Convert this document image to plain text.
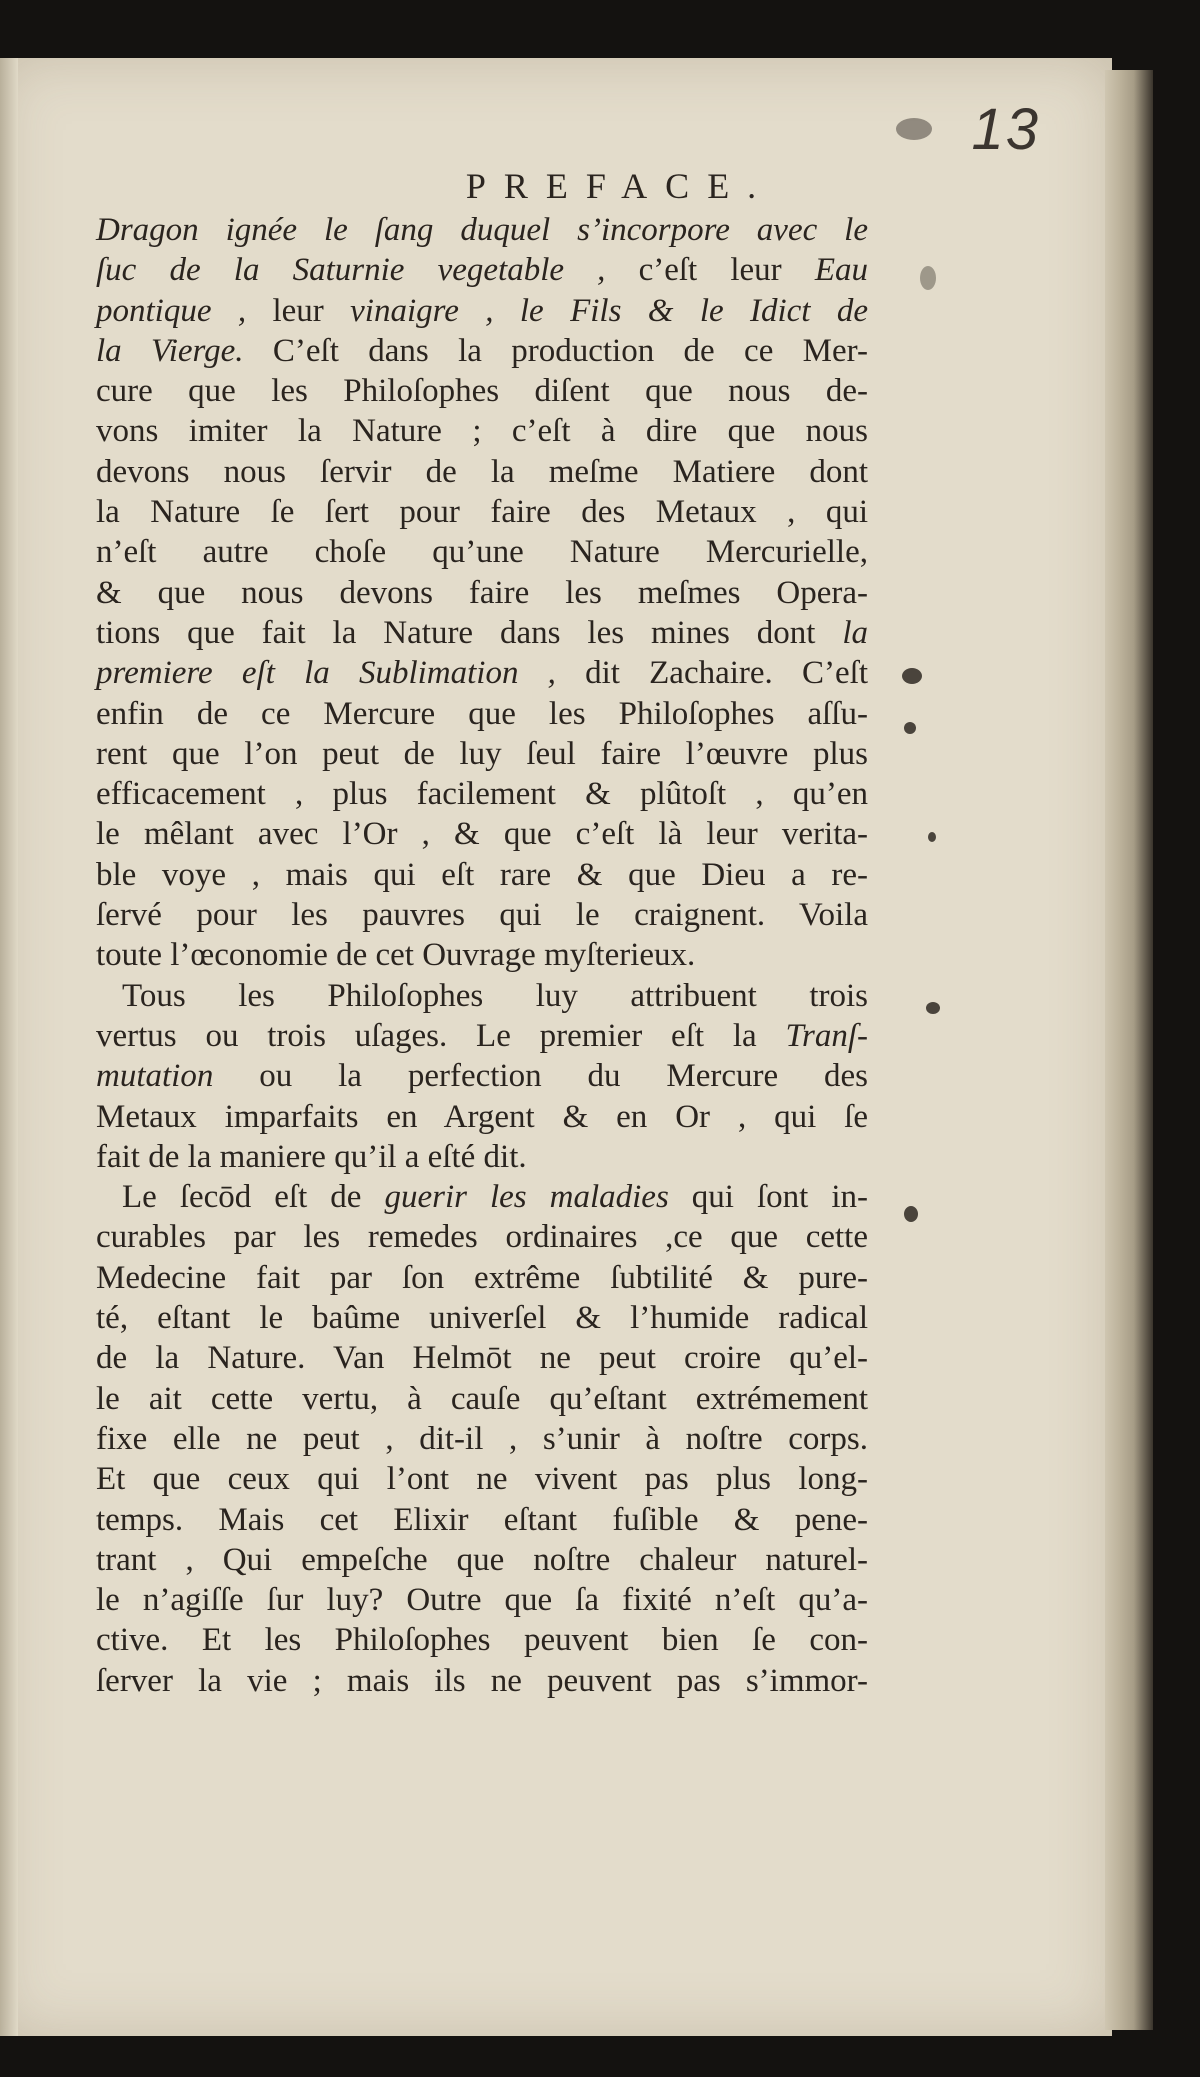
13
PREFACE.
Dragon ignée le ſang duquel s’incorpore avec le
ſuc de la Saturnie vegetable , c’eſt leur Eau
pontique , leur vinaigre , le Fils & le Idict de
la Vierge. C’eſt dans la production de ce Mer-
cure que les Philoſophes diſent que nous de-
vons imiter la Nature ; c’eſt à dire que nous
devons nous ſervir de la meſme Matiere dont
la Nature ſe ſert pour faire des Metaux , qui
n’eſt autre choſe qu’une Nature Mercurielle,
& que nous devons faire les meſmes Opera-
tions que fait la Nature dans les mines dont la
premiere eſt la Sublimation , dit Zachaire. C’eſt
enfin de ce Mercure que les Philoſophes aſſu-
rent que l’on peut de luy ſeul faire l’œuvre plus
efficacement , plus facilement & plûtoſt , qu’en
le mêlant avec l’Or , & que c’eſt là leur verita-
ble voye , mais qui eſt rare & que Dieu a re-
ſervé pour les pauvres qui le craignent. Voila
toute l’œconomie de cet Ouvrage myſterieux.
Tous les Philoſophes luy attribuent trois
vertus ou trois uſages. Le premier eſt la Tranſ-
mutation ou la perfection du Mercure des
Metaux imparfaits en Argent & en Or , qui ſe
fait de la maniere qu’il a eſté dit.
Le ſecōd eſt de guerir les maladies qui ſont in-
curables par les remedes ordinaires ,ce que cette
Medecine fait par ſon extrême ſubtilité & pure-
té, eſtant le baûme univerſel & l’humide radical
de la Nature. Van Helmōt ne peut croire qu’el-
le ait cette vertu, à cauſe qu’eſtant extrémement
fixe elle ne peut , dit-il , s’unir à noſtre corps.
Et que ceux qui l’ont ne vivent pas plus long-
temps. Mais cet Elixir eſtant fuſible & pene-
trant , Qui empeſche que noſtre chaleur naturel-
le n’agiſſe ſur luy? Outre que ſa fixité n’eſt qu’a-
ctive. Et les Philoſophes peuvent bien ſe con-
ſerver la vie ; mais ils ne peuvent pas s’immor-
